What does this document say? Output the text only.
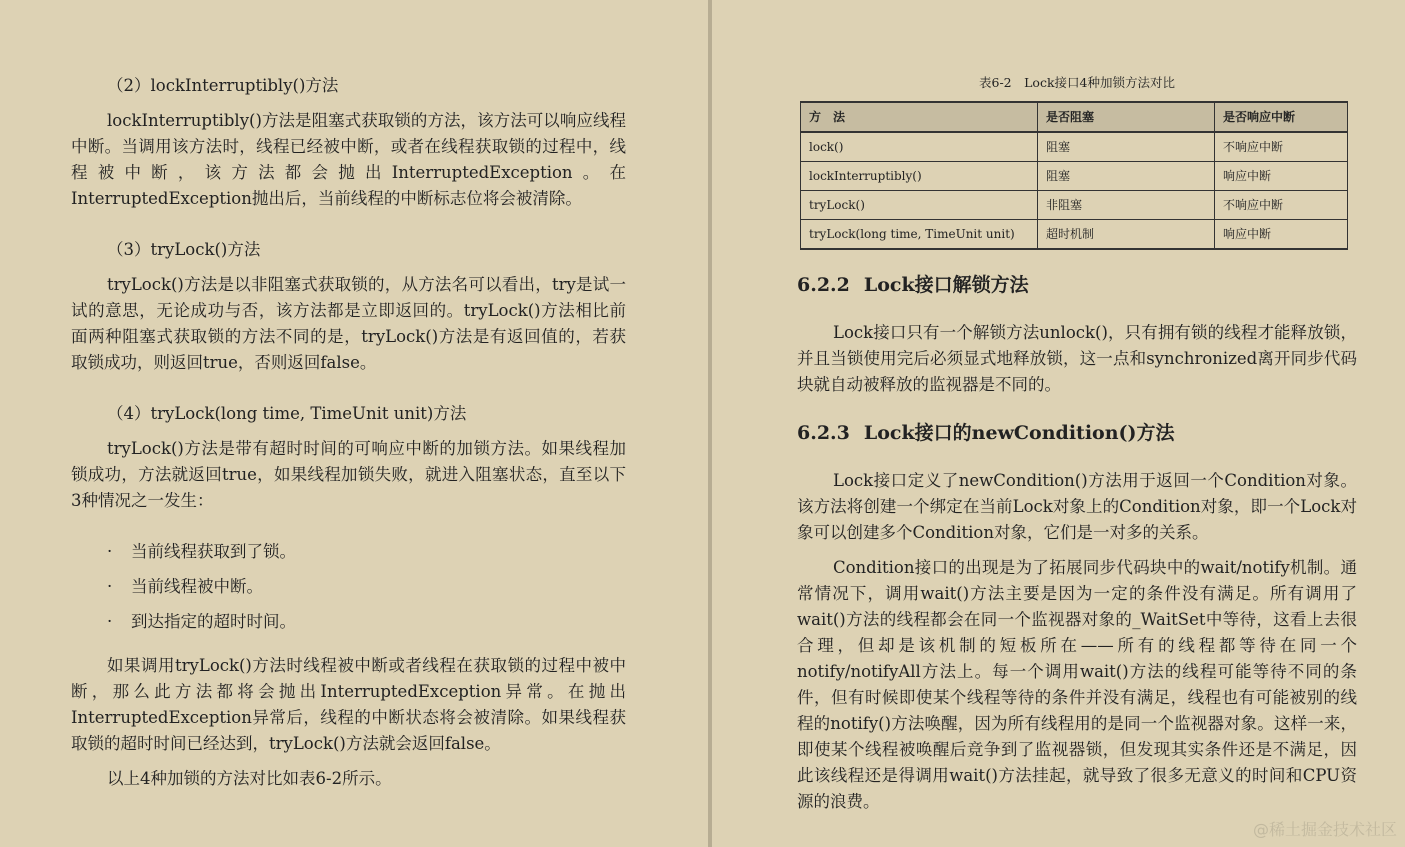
（2）lockInterruptibly()方法

lockInterruptibly()方法是阻塞式获取锁的方法，该方法可以响应线程中断。当调用该方法时，线程已经被中断，或者在线程获取锁的过程中，线程被中断，该方法都会抛出InterruptedException。在InterruptedException抛出后，当前线程的中断标志位将会被清除。

（3）tryLock()方法

tryLock()方法是以非阻塞式获取锁的，从方法名可以看出，try是试一试的意思，无论成功与否，该方法都是立即返回的。tryLock()方法相比前面两种阻塞式获取锁的方法不同的是，tryLock()方法是有返回值的，若获取锁成功，则返回true，否则返回false。

（4）tryLock(long time, TimeUnit unit)方法

tryLock()方法是带有超时时间的可响应中断的加锁方法。如果线程加锁成功，方法就返回true，如果线程加锁失败，就进入阻塞状态，直至以下3种情况之一发生：

· 当前线程获取到了锁。
· 当前线程被中断。
· 到达指定的超时时间。

如果调用tryLock()方法时线程被中断或者线程在获取锁的过程中被中断，那么此方法都将会抛出InterruptedException异常。在抛出InterruptedException异常后，线程的中断状态将会被清除。如果线程获取锁的超时时间已经达到，tryLock()方法就会返回false。

以上4种加锁的方法对比如表6-2所示。

表6-2　Lock接口4种加锁方法对比

方　法	是否阻塞	是否响应中断
lock()	阻塞	不响应中断
lockInterruptibly()	阻塞	响应中断
tryLock()	非阻塞	不响应中断
tryLock(long time, TimeUnit unit)	超时机制	响应中断
6.2.2 Lock接口解锁方法

Lock接口只有一个解锁方法unlock()，只有拥有锁的线程才能释放锁，并且当锁使用完后必须显式地释放锁，这一点和synchronized离开同步代码块就自动被释放的监视器是不同的。

6.2.3 Lock接口的newCondition()方法

Lock接口定义了newCondition()方法用于返回一个Condition对象。该方法将创建一个绑定在当前Lock对象上的Condition对象，即一个Lock对象可以创建多个Condition对象，它们是一对多的关系。

Condition接口的出现是为了拓展同步代码块中的wait/notify机制。通常情况下，调用wait()方法主要是因为一定的条件没有满足。所有调用了wait()方法的线程都会在同一个监视器对象的_WaitSet中等待，这看上去很合理，但却是该机制的短板所在——所有的线程都等待在同一个notify/notifyAll方法上。每一个调用wait()方法的线程可能等待不同的条件，但有时候即使某个线程等待的条件并没有满足，线程也有可能被别的线程的notify()方法唤醒，因为所有线程用的是同一个监视器对象。这样一来，即使某个线程被唤醒后竞争到了监视器锁，但发现其实条件还是不满足，因此该线程还是得调用wait()方法挂起，就导致了很多无意义的时间和CPU资源的浪费。

@稀土掘金技术社区
